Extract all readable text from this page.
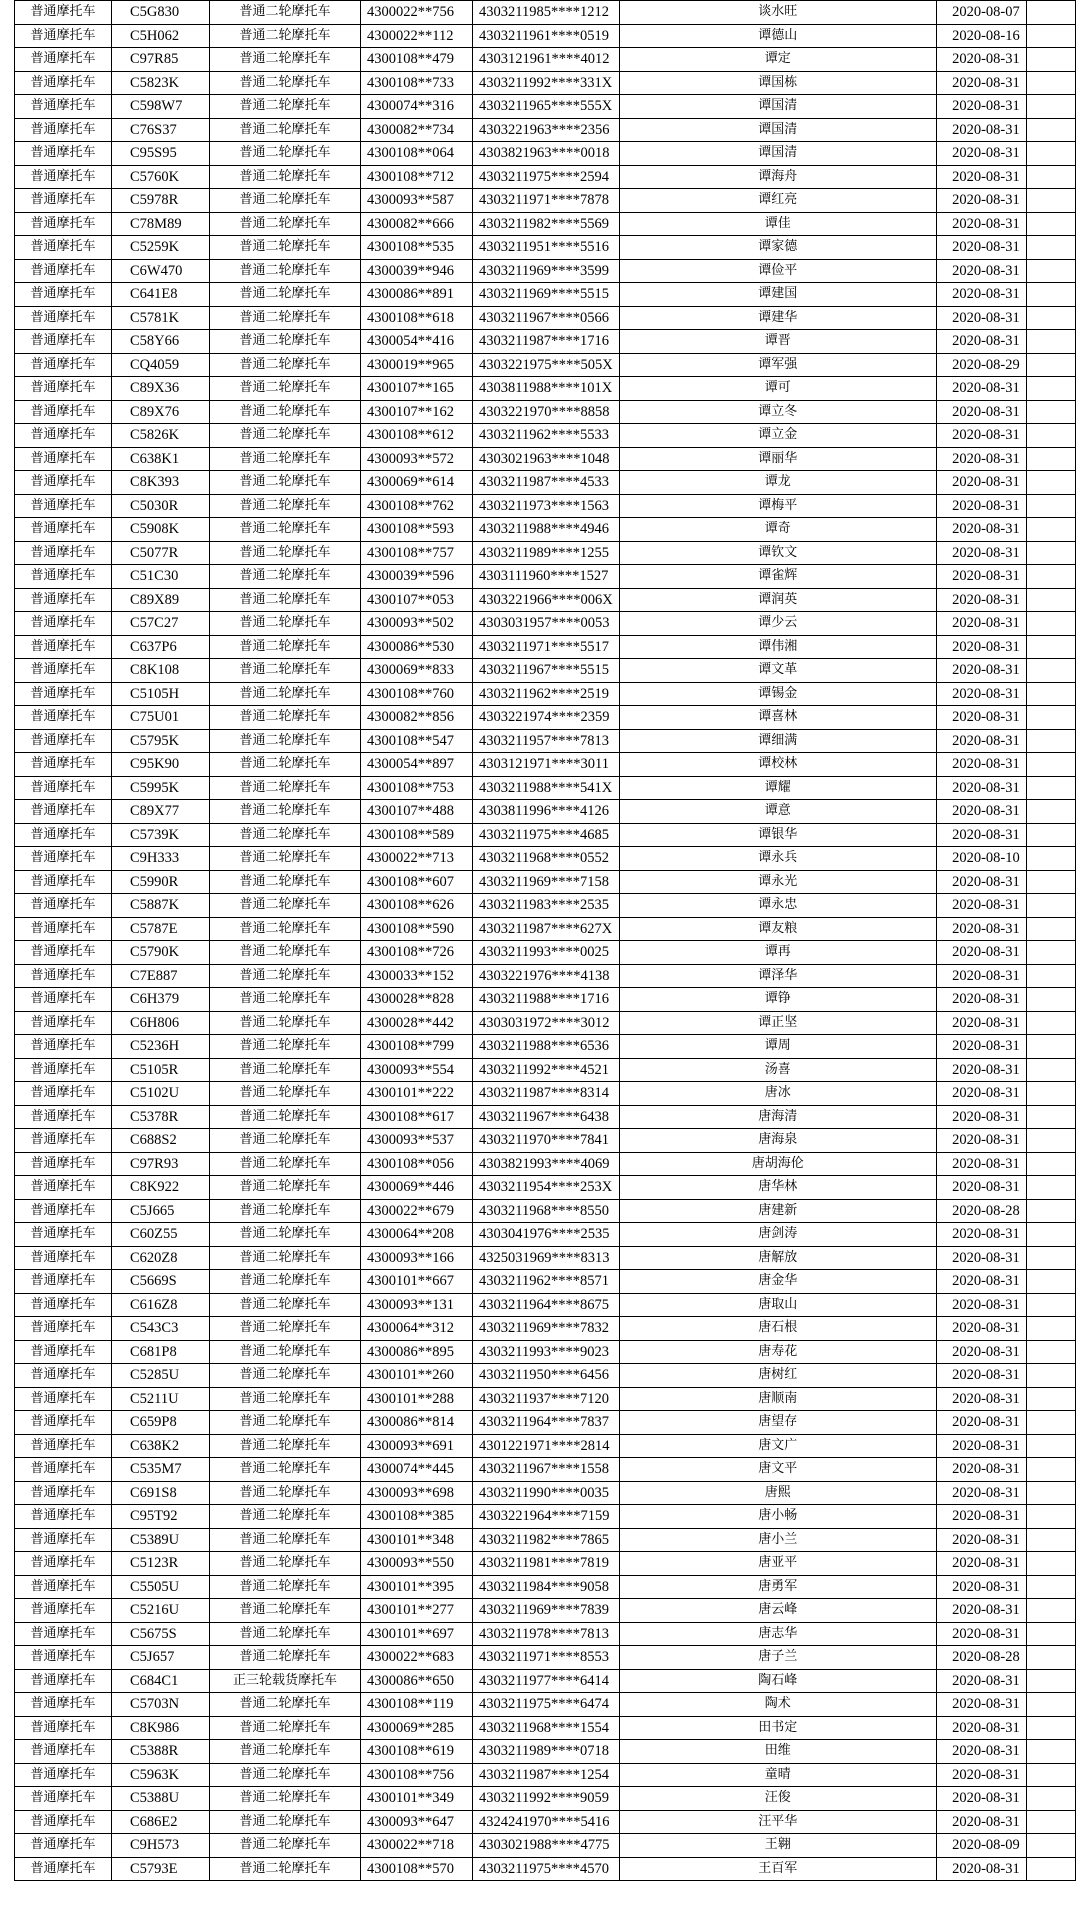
普通摩托车	C5G830	普通二轮摩托车	4300022**756	4303211985****1212	谈水旺	2020-08-07	
普通摩托车	C5H062	普通二轮摩托车	4300022**112	4303211961****0519	谭德山	2020-08-16	
普通摩托车	C97R85	普通二轮摩托车	4300108**479	4303121961****4012	谭定	2020-08-31	
普通摩托车	C5823K	普通二轮摩托车	4300108**733	4303211992****331X	谭国栋	2020-08-31	
普通摩托车	C598W7	普通二轮摩托车	4300074**316	4303211965****555X	谭国清	2020-08-31	
普通摩托车	C76S37	普通二轮摩托车	4300082**734	4303221963****2356	谭国清	2020-08-31	
普通摩托车	C95S95	普通二轮摩托车	4300108**064	4303821963****0018	谭国清	2020-08-31	
普通摩托车	C5760K	普通二轮摩托车	4300108**712	4303211975****2594	谭海舟	2020-08-31	
普通摩托车	C5978R	普通二轮摩托车	4300093**587	4303211971****7878	谭红亮	2020-08-31	
普通摩托车	C78M89	普通二轮摩托车	4300082**666	4303211982****5569	谭佳	2020-08-31	
普通摩托车	C5259K	普通二轮摩托车	4300108**535	4303211951****5516	谭家德	2020-08-31	
普通摩托车	C6W470	普通二轮摩托车	4300039**946	4303211969****3599	谭俭平	2020-08-31	
普通摩托车	C641E8	普通二轮摩托车	4300086**891	4303211969****5515	谭建国	2020-08-31	
普通摩托车	C5781K	普通二轮摩托车	4300108**618	4303211967****0566	谭建华	2020-08-31	
普通摩托车	C58Y66	普通二轮摩托车	4300054**416	4303211987****1716	谭晋	2020-08-31	
普通摩托车	CQ4059	普通二轮摩托车	4300019**965	4303221975****505X	谭军强	2020-08-29	
普通摩托车	C89X36	普通二轮摩托车	4300107**165	4303811988****101X	谭可	2020-08-31	
普通摩托车	C89X76	普通二轮摩托车	4300107**162	4303221970****8858	谭立冬	2020-08-31	
普通摩托车	C5826K	普通二轮摩托车	4300108**612	4303211962****5533	谭立金	2020-08-31	
普通摩托车	C638K1	普通二轮摩托车	4300093**572	4303021963****1048	谭丽华	2020-08-31	
普通摩托车	C8K393	普通二轮摩托车	4300069**614	4303211987****4533	谭龙	2020-08-31	
普通摩托车	C5030R	普通二轮摩托车	4300108**762	4303211973****1563	谭梅平	2020-08-31	
普通摩托车	C5908K	普通二轮摩托车	4300108**593	4303211988****4946	谭奇	2020-08-31	
普通摩托车	C5077R	普通二轮摩托车	4300108**757	4303211989****1255	谭钦文	2020-08-31	
普通摩托车	C51C30	普通二轮摩托车	4300039**596	4303111960****1527	谭雀辉	2020-08-31	
普通摩托车	C89X89	普通二轮摩托车	4300107**053	4303221966****006X	谭润英	2020-08-31	
普通摩托车	C57C27	普通二轮摩托车	4300093**502	4303031957****0053	谭少云	2020-08-31	
普通摩托车	C637P6	普通二轮摩托车	4300086**530	4303211971****5517	谭伟湘	2020-08-31	
普通摩托车	C8K108	普通二轮摩托车	4300069**833	4303211967****5515	谭文革	2020-08-31	
普通摩托车	C5105H	普通二轮摩托车	4300108**760	4303211962****2519	谭锡金	2020-08-31	
普通摩托车	C75U01	普通二轮摩托车	4300082**856	4303221974****2359	谭喜林	2020-08-31	
普通摩托车	C5795K	普通二轮摩托车	4300108**547	4303211957****7813	谭细满	2020-08-31	
普通摩托车	C95K90	普通二轮摩托车	4300054**897	4303121971****3011	谭校林	2020-08-31	
普通摩托车	C5995K	普通二轮摩托车	4300108**753	4303211988****541X	谭耀	2020-08-31	
普通摩托车	C89X77	普通二轮摩托车	4300107**488	4303811996****4126	谭意	2020-08-31	
普通摩托车	C5739K	普通二轮摩托车	4300108**589	4303211975****4685	谭银华	2020-08-31	
普通摩托车	C9H333	普通二轮摩托车	4300022**713	4303211968****0552	谭永兵	2020-08-10	
普通摩托车	C5990R	普通二轮摩托车	4300108**607	4303211969****7158	谭永光	2020-08-31	
普通摩托车	C5887K	普通二轮摩托车	4300108**626	4303211983****2535	谭永忠	2020-08-31	
普通摩托车	C5787E	普通二轮摩托车	4300108**590	4303211987****627X	谭友粮	2020-08-31	
普通摩托车	C5790K	普通二轮摩托车	4300108**726	4303211993****0025	谭再	2020-08-31	
普通摩托车	C7E887	普通二轮摩托车	4300033**152	4303221976****4138	谭泽华	2020-08-31	
普通摩托车	C6H379	普通二轮摩托车	4300028**828	4303211988****1716	谭铮	2020-08-31	
普通摩托车	C6H806	普通二轮摩托车	4300028**442	4303031972****3012	谭正坚	2020-08-31	
普通摩托车	C5236H	普通二轮摩托车	4300108**799	4303211988****6536	谭周	2020-08-31	
普通摩托车	C5105R	普通二轮摩托车	4300093**554	4303211992****4521	汤喜	2020-08-31	
普通摩托车	C5102U	普通二轮摩托车	4300101**222	4303211987****8314	唐冰	2020-08-31	
普通摩托车	C5378R	普通二轮摩托车	4300108**617	4303211967****6438	唐海清	2020-08-31	
普通摩托车	C688S2	普通二轮摩托车	4300093**537	4303211970****7841	唐海泉	2020-08-31	
普通摩托车	C97R93	普通二轮摩托车	4300108**056	4303821993****4069	唐胡海伦	2020-08-31	
普通摩托车	C8K922	普通二轮摩托车	4300069**446	4303211954****253X	唐华林	2020-08-31	
普通摩托车	C5J665	普通二轮摩托车	4300022**679	4303211968****8550	唐建新	2020-08-28	
普通摩托车	C60Z55	普通二轮摩托车	4300064**208	4303041976****2535	唐剑涛	2020-08-31	
普通摩托车	C620Z8	普通二轮摩托车	4300093**166	4325031969****8313	唐解放	2020-08-31	
普通摩托车	C5669S	普通二轮摩托车	4300101**667	4303211962****8571	唐金华	2020-08-31	
普通摩托车	C616Z8	普通二轮摩托车	4300093**131	4303211964****8675	唐取山	2020-08-31	
普通摩托车	C543C3	普通二轮摩托车	4300064**312	4303211969****7832	唐石根	2020-08-31	
普通摩托车	C681P8	普通二轮摩托车	4300086**895	4303211993****9023	唐寿花	2020-08-31	
普通摩托车	C5285U	普通二轮摩托车	4300101**260	4303211950****6456	唐树红	2020-08-31	
普通摩托车	C5211U	普通二轮摩托车	4300101**288	4303211937****7120	唐顺南	2020-08-31	
普通摩托车	C659P8	普通二轮摩托车	4300086**814	4303211964****7837	唐望存	2020-08-31	
普通摩托车	C638K2	普通二轮摩托车	4300093**691	4301221971****2814	唐文广	2020-08-31	
普通摩托车	C535M7	普通二轮摩托车	4300074**445	4303211967****1558	唐文平	2020-08-31	
普通摩托车	C691S8	普通二轮摩托车	4300093**698	4303211990****0035	唐熙	2020-08-31	
普通摩托车	C95T92	普通二轮摩托车	4300108**385	4303221964****7159	唐小畅	2020-08-31	
普通摩托车	C5389U	普通二轮摩托车	4300101**348	4303211982****7865	唐小兰	2020-08-31	
普通摩托车	C5123R	普通二轮摩托车	4300093**550	4303211981****7819	唐亚平	2020-08-31	
普通摩托车	C5505U	普通二轮摩托车	4300101**395	4303211984****9058	唐勇军	2020-08-31	
普通摩托车	C5216U	普通二轮摩托车	4300101**277	4303211969****7839	唐云峰	2020-08-31	
普通摩托车	C5675S	普通二轮摩托车	4300101**697	4303211978****7813	唐志华	2020-08-31	
普通摩托车	C5J657	普通二轮摩托车	4300022**683	4303211971****8553	唐子兰	2020-08-28	
普通摩托车	C684C1	正三轮载货摩托车	4300086**650	4303211977****6414	陶石峰	2020-08-31	
普通摩托车	C5703N	普通二轮摩托车	4300108**119	4303211975****6474	陶术	2020-08-31	
普通摩托车	C8K986	普通二轮摩托车	4300069**285	4303211968****1554	田书定	2020-08-31	
普通摩托车	C5388R	普通二轮摩托车	4300108**619	4303211989****0718	田维	2020-08-31	
普通摩托车	C5963K	普通二轮摩托车	4300108**756	4303211987****1254	童晴	2020-08-31	
普通摩托车	C5388U	普通二轮摩托车	4300101**349	4303211992****9059	汪俊	2020-08-31	
普通摩托车	C686E2	普通二轮摩托车	4300093**647	4324241970****5416	汪平华	2020-08-31	
普通摩托车	C9H573	普通二轮摩托车	4300022**718	4303021988****4775	王翱	2020-08-09	
普通摩托车	C5793E	普通二轮摩托车	4300108**570	4303211975****4570	王百军	2020-08-31	
